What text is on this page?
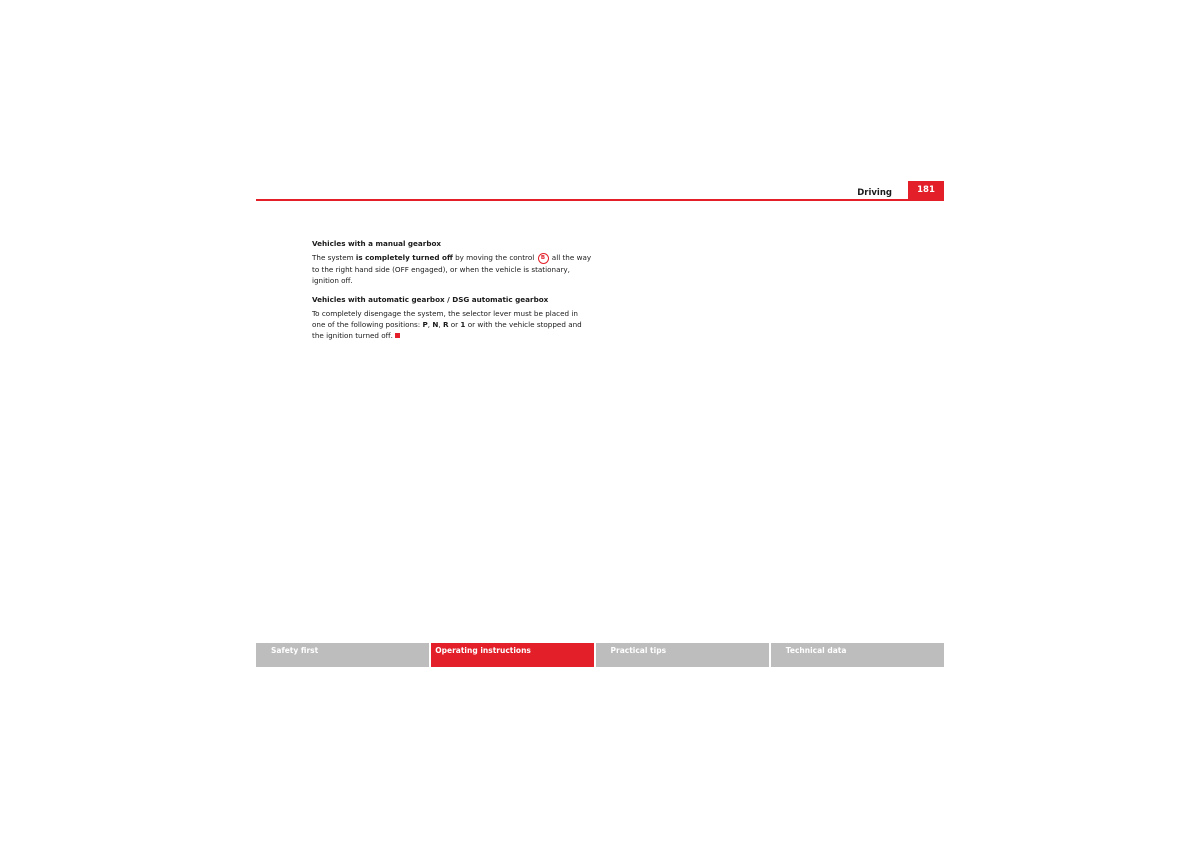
Driving	181
Vehicles with a manual gearbox

The system is completely turned off by moving the control B all the way to the right hand side (OFF engaged), or when the vehicle is stationary, ignition off.

Vehicles with automatic gearbox / DSG automatic gearbox

To completely disengage the system, the selector lever must be placed in one of the following positions: P, N, R or 1 or with the vehicle stopped and the ignition turned off.

Safety first	Operating instructions	Practical tips	Technical data
